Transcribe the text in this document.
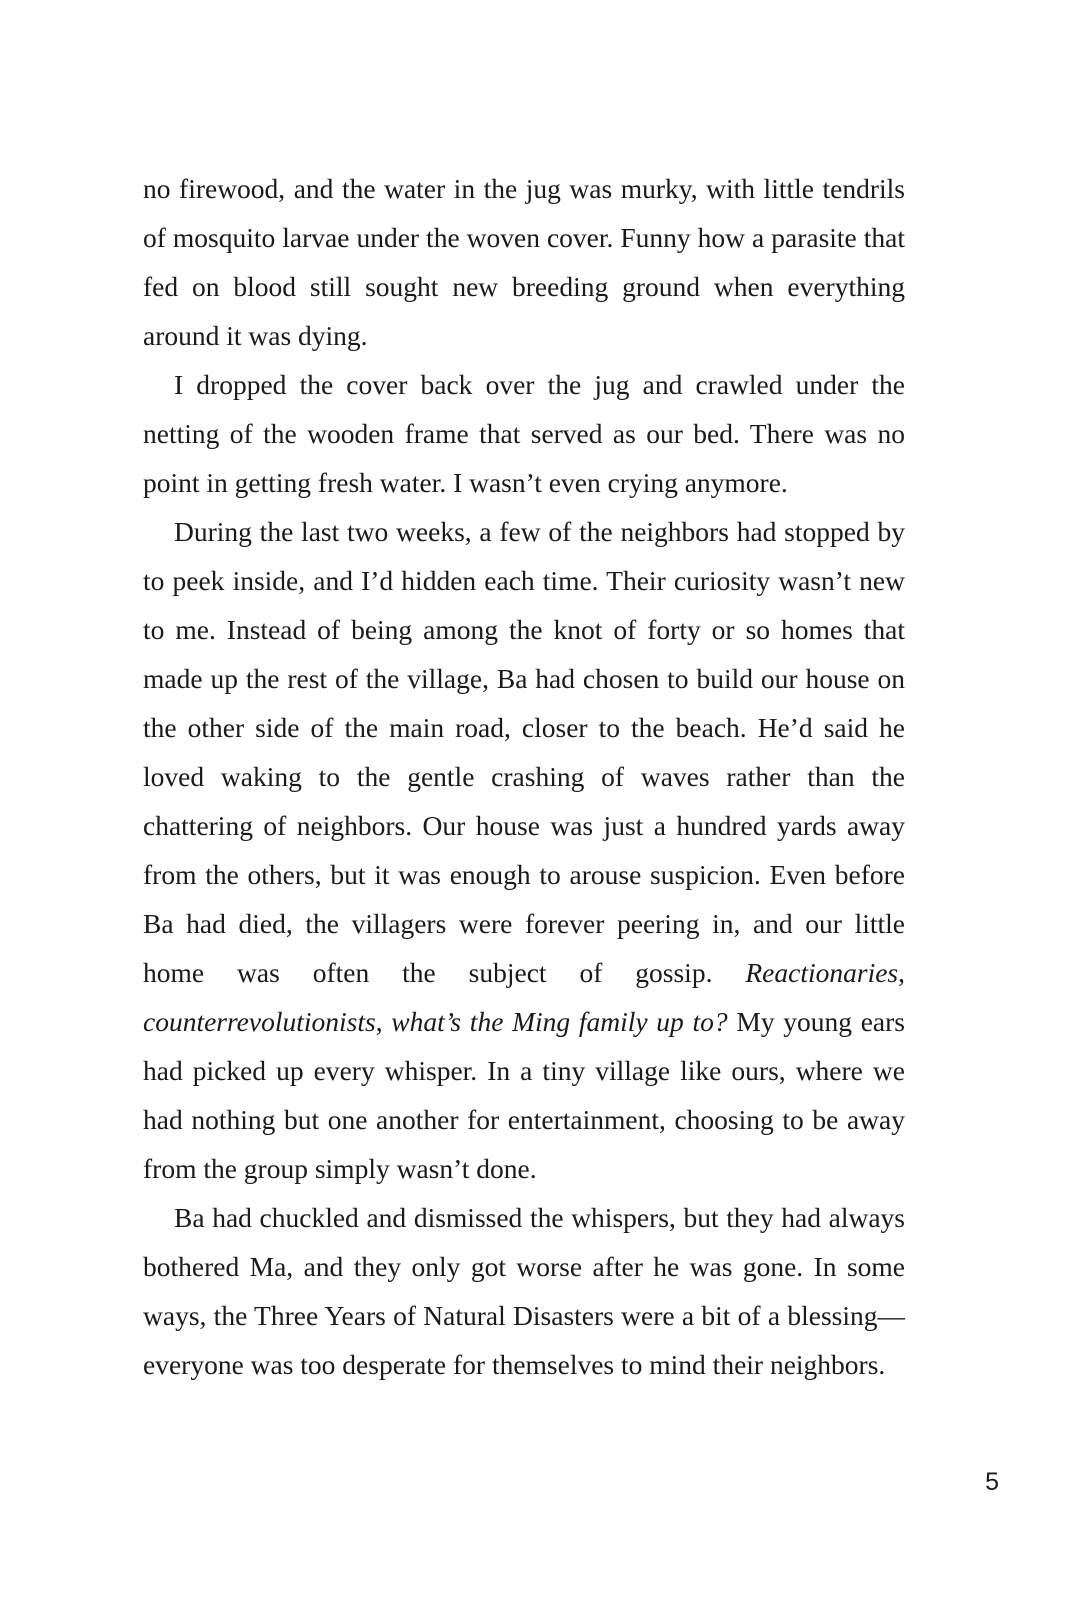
no firewood, and the water in the jug was murky, with little tendrils of mosquito larvae under the woven cover. Funny how a parasite that fed on blood still sought new breeding ground when everything around it was dying.

I dropped the cover back over the jug and crawled under the netting of the wooden frame that served as our bed. There was no point in getting fresh water. I wasn’t even crying anymore.

During the last two weeks, a few of the neighbors had stopped by to peek inside, and I’d hidden each time. Their curiosity wasn’t new to me. Instead of being among the knot of forty or so homes that made up the rest of the village, Ba had chosen to build our house on the other side of the main road, closer to the beach. He’d said he loved waking to the gentle crashing of waves rather than the chattering of neighbors. Our house was just a hundred yards away from the others, but it was enough to arouse suspicion. Even before Ba had died, the villagers were forever peering in, and our little home was often the subject of gossip. Reactionaries, counterrevolutionists, what’s the Ming family up to? My young ears had picked up every whisper. In a tiny village like ours, where we had nothing but one another for entertainment, choosing to be away from the group simply wasn’t done.

Ba had chuckled and dismissed the whispers, but they had always bothered Ma, and they only got worse after he was gone. In some ways, the Three Years of Natural Disasters were a bit of a blessing—everyone was too desperate for themselves to mind their neighbors.

5
